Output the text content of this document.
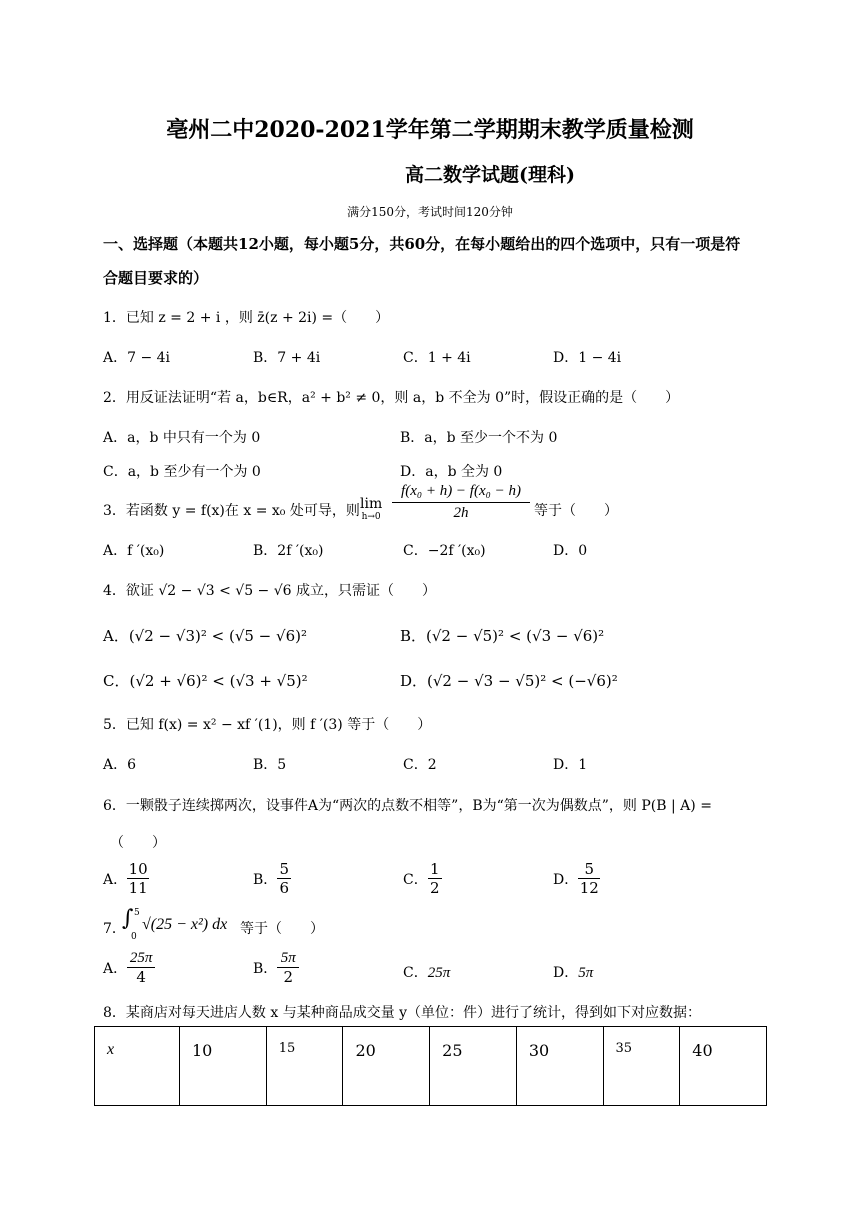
亳州二中2020-2021学年第二学期期末教学质量检测
高二数学试题(理科)
满分150分，考试时间120分钟
一、选择题（本题共12小题，每小题5分，共60分，在每小题给出的四个选项中，只有一项是符
合题目要求的）
1．已知 z = 2 + i ，则 z̄(z + 2i) =（　　）
A．7 − 4i	B．7 + 4i	C．1 + 4i	D．1 − 4i
2．用反证法证明“若 a，b∈R，a² + b² ≠ 0，则 a，b 不全为 0”时，假设正确的是（　　）
A．a，b 中只有一个为 0	B．a，b 至少一个不为 0
C．a，b 至少有一个为 0	D．a，b 全为 0
3．若函数 y = f(x)在 x = x₀ 处可导，则 lim
$h\to 0 \frac{\text{f(x₀ + h) − f(x₀ − h)}}{2h}$ 等于（　　）
A．f ′(x₀)	B．2f ′(x₀)	C．−2f ′(x₀)	D．0
4．欲证 √2 − √3 < √5 − √6 成立，只需证（　　）
A．(√2 − √3)² < (√5 − √6)²	B．(√2 − √5)² < (√3 − √6)²
C．(√2 + √6)² < (√3 + √5)²	D．(√2 − √3 − √5)² < (−√6)²
5．已知 f(x) = x² − xf ′(1)，则 f ′(3) 等于（　　）
A．6	B．5	C．2	D．1
6．一颗骰子连续掷两次，设事件A为“两次的点数不相等”，B为“第一次为偶数点”，则 P(B | A) =
（　　）
A． $\frac{10}{11}$	B． $\frac{5}{6}$	C． $\frac{1}{2}$	D． $\frac{5}{12}$
7．
∫ 5
0
√(25 − x²) dx 等于（　　）
A． $\frac{25\pi}{4}$	B． $\frac{5\pi}{2}$	C．25π	D．5π
8．某商店对每天进店人数 x 与某种商品成交量 y（单位：件）进行了统计，得到如下对应数据：
x	10	15	20	25	30	35	40
